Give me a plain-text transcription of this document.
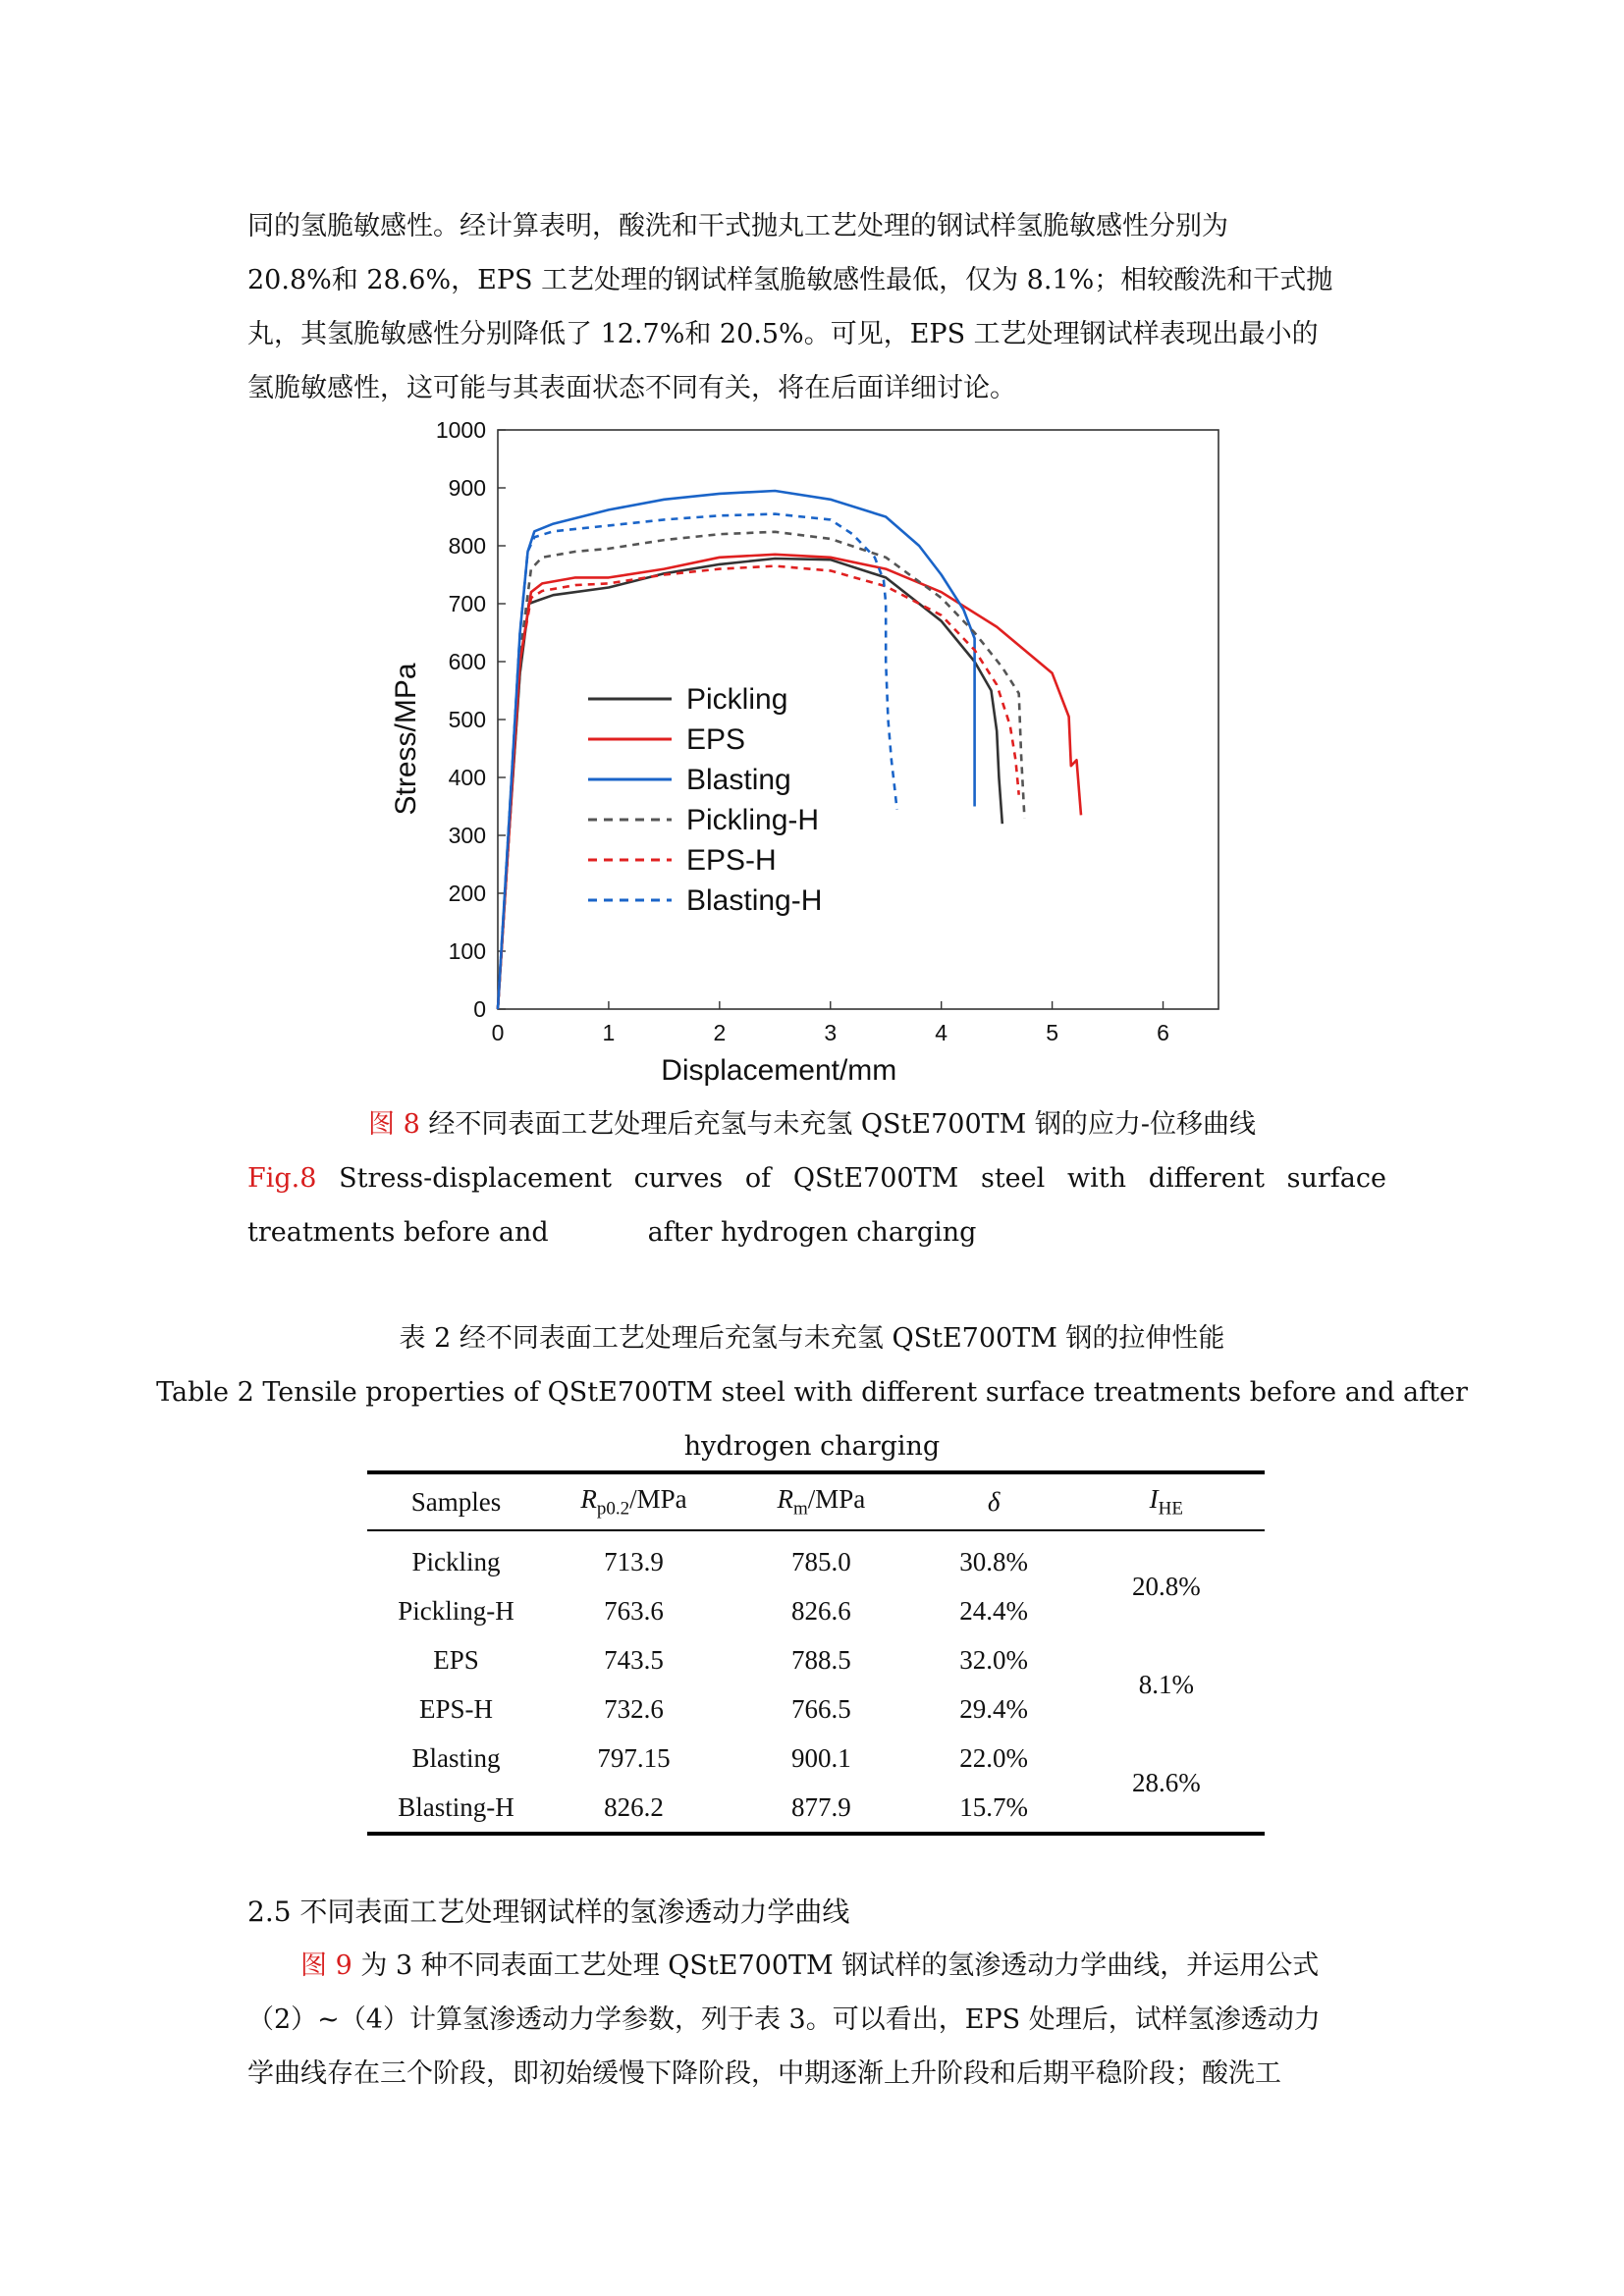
同的氢脆敏感性。经计算表明，酸洗和干式抛丸工艺处理的钢试样氢脆敏感性分别为

20.8%和 28.6%，EPS 工艺处理的钢试样氢脆敏感性最低，仅为 8.1%；相较酸洗和干式抛

丸，其氢脆敏感性分别降低了 12.7%和 20.5%。可见，EPS 工艺处理钢试样表现出最小的

氢脆敏感性，这可能与其表面状态不同有关，将在后面详细讨论。

0
100
200
300
400
500
600
700
800
900
1000
0	1	2	3	4	5	6
Displacement/mm
Stress/MPa	Pickling
EPS
Blasting
Pickling-H
EPS-H
Blasting-H
图 8 经不同表面工艺处理后充氢与未充氢 QStE700TM 钢的应力-位移曲线
Fig.8 Stress-displacement curves of QStE700TM steel with different surface treatments before and	after hydrogen charging
表 2 经不同表面工艺处理后充氢与未充氢 QStE700TM 钢的拉伸性能
Table 2 Tensile properties of QStE700TM steel with different surface treatments before and after
hydrogen charging
Samples	$R_{p0.2}$/MPa	$R_m$/MPa	δ	$I_{HE}$
Pickling	713.9	785.0	30.8%	20.8%
Pickling-H	763.6	826.6	24.4%	
EPS	743.5	788.5	32.0%	8.1%
EPS-H	732.6	766.5	29.4%	
Blasting	797.15	900.1	22.0%	28.6%
Blasting-H	826.2	877.9	15.7%	
2.5 不同表面工艺处理钢试样的氢渗透动力学曲线

图 9 为 3 种不同表面工艺处理 QStE700TM 钢试样的氢渗透动力学曲线，并运用公式

（2）~（4）计算氢渗透动力学参数，列于表 3。可以看出，EPS 处理后，试样氢渗透动力

学曲线存在三个阶段，即初始缓慢下降阶段，中期逐渐上升阶段和后期平稳阶段；酸洗工
